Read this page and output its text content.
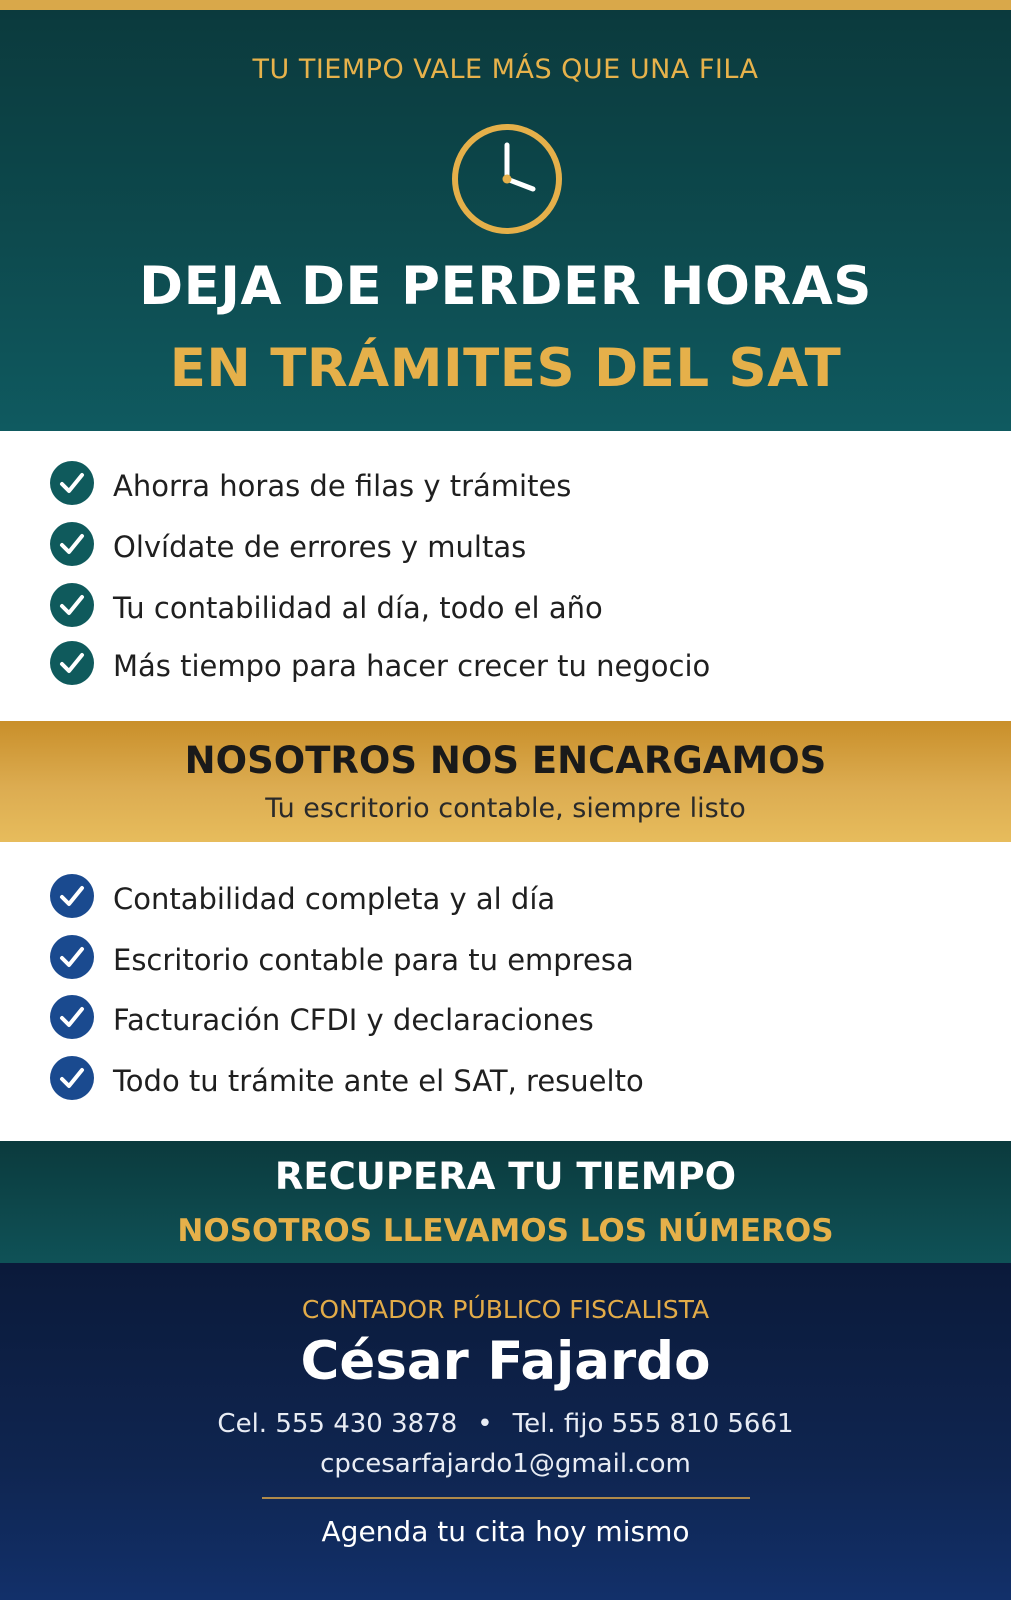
TU TIEMPO VALE MÁS QUE UNA FILA
DEJA DE PERDER HORAS
EN TRÁMITES DEL SAT
Ahorra horas de filas y trámites
Olvídate de errores y multas
Tu contabilidad al día, todo el año
Más tiempo para hacer crecer tu negocio
NOSOTROS NOS ENCARGAMOS
Tu escritorio contable, siempre listo
Contabilidad completa y al día
Escritorio contable para tu empresa
Facturación CFDI y declaraciones
Todo tu trámite ante el SAT, resuelto
RECUPERA TU TIEMPO
NOSOTROS LLEVAMOS LOS NÚMEROS
CONTADOR PÚBLICO FISCALISTA
César Fajardo
Cel. 555 430 3878 • Tel. fijo 555 810 5661
cpcesarfajardo1@gmail.com
Agenda tu cita hoy mismo
